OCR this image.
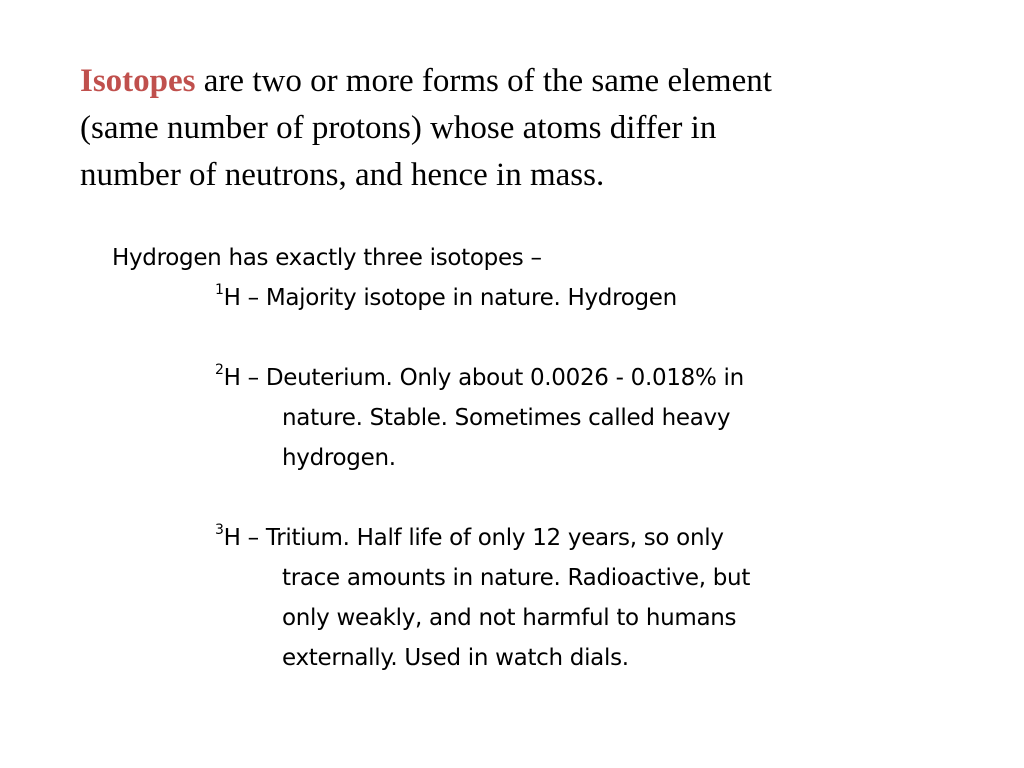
Isotopes are two or more forms of the same element
(same number of protons) whose atoms differ in
number of neutrons, and hence in mass.

Hydrogen has exactly three isotopes –

$^1$H – Majority isotope in nature. Hydrogen
$^2$H – Deuterium. Only about 0.0026 - 0.018% in
nature. Stable. Sometimes called heavy
hydrogen.
$^3$H – Tritium. Half life of only 12 years, so only
trace amounts in nature. Radioactive, but
only weakly, and not harmful to humans
externally. Used in watch dials.
